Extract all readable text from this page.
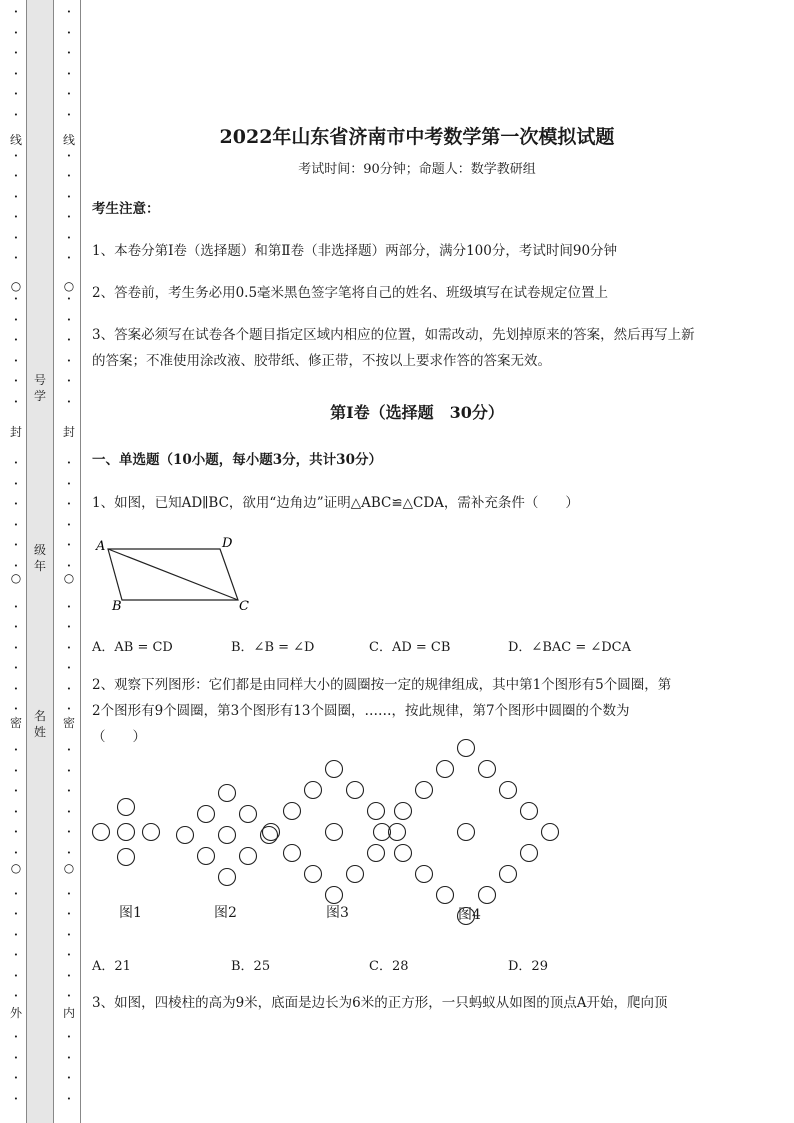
•
•
•
•
•
•
•
•
•
•
•
•
•
•
•
•
•
•
•
•
•
•
•
•
•
•
•
•
•
•
•
•
•
•
•
•
•
•
•
•
•
•
•
•
•
•
线
○
封
○
密
○
外
号
学
级
年
名
姓
•
•
•
•
•
•
•
•
•
•
•
•
•
•
•
•
•
•
•
•
•
•
•
•
•
•
•
•
•
•
•
•
•
•
•
•
•
•
•
•
•
•
•
•
•
•
线
○
封
○
密
○
内
2022年山东省济南市中考数学第一次模拟试题
考试时间：90分钟；命题人：数学教研组
考生注意：
1、本卷分第I卷（选择题）和第Ⅱ卷（非选择题）两部分，满分100分，考试时间90分钟
2、答卷前，考生务必用0.5毫米黑色签字笔将自己的姓名、班级填写在试卷规定位置上
3、答案必须写在试卷各个题目指定区域内相应的位置，如需改动，先划掉原来的答案，然后再写上新
的答案；不准使用涂改液、胶带纸、修正带，不按以上要求作答的答案无效。
第I卷（选择题　30分）
一、单选题（10小题，每小题3分，共计30分）
1、如图，已知AD∥BC，欲用“边角边”证明△ABC≌△CDA，需补充条件（　　）
A	D
B	C
A．AB = CD	B．∠B = ∠D	C．AD = CB	D．∠BAC = ∠DCA
2、观察下列图形：它们都是由同样大小的圆圈按一定的规律组成，其中第1个图形有5个圆圈，第
2个图形有9个圆圈，第3个图形有13个圆圈，……，按此规律，第7个图形中圆圈的个数为
（　　）
图1	图2	图3	图4
A．21	B．25	C．28	D．29
3、如图，四棱柱的高为9米，底面是边长为6米的正方形，一只蚂蚁从如图的顶点A开始，爬向顶
